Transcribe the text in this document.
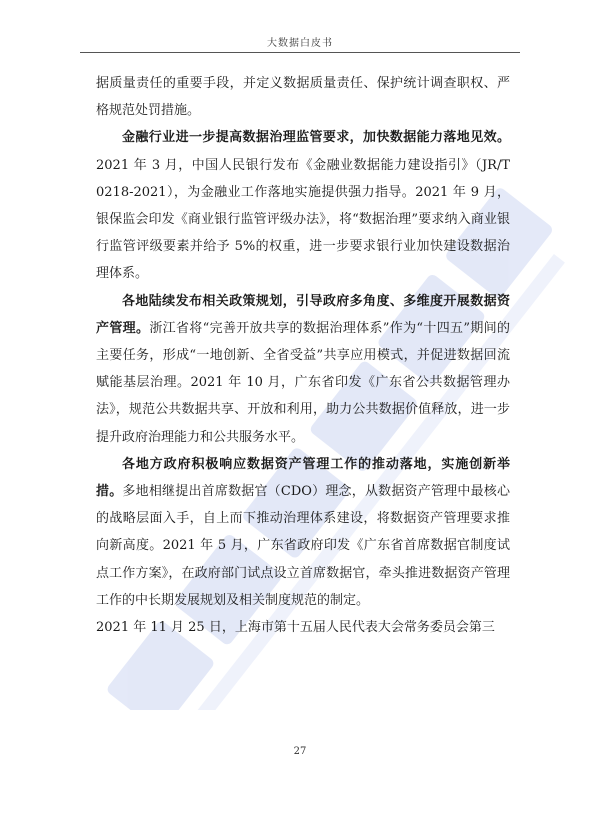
大数据白皮书

据质量责任的重要手段，并定义数据质量责任、保护统计调查职权、严格规范处罚措施。

金融行业进一步提高数据治理监管要求，加快数据能力落地见效。2021 年 3 月，中国人民银行发布《金融业数据能力建设指引》（JR/T 0218-2021），为金融业工作落地实施提供强力指导。2021 年 9 月，银保监会印发《商业银行监管评级办法》，将“数据治理”要求纳入商业银行监管评级要素并给予 5%的权重，进一步要求银行业加快建设数据治理体系。

各地陆续发布相关政策规划，引导政府多角度、多维度开展数据资产管理。浙江省将“完善开放共享的数据治理体系”作为“十四五”期间的主要任务，形成“一地创新、全省受益”共享应用模式，并促进数据回流赋能基层治理。2021 年 10 月，广东省印发《广东省公共数据管理办法》，规范公共数据共享、开放和利用，助力公共数据价值释放，进一步提升政府治理能力和公共服务水平。

各地方政府积极响应数据资产管理工作的推动落地，实施创新举措。多地相继提出首席数据官（CDO）理念，从数据资产管理中最核心的战略层面入手，自上而下推动治理体系建设，将数据资产管理要求推向新高度。2021 年 5 月，广东省政府印发《广东省首席数据官制度试点工作方案》，在政府部门试点设立首席数据官，牵头推进数据资产管理工作的中长期发展规划及相关制度规范的制定。

2021 年 11 月 25 日，上海市第十五届人民代表大会常务委员会第三

27
